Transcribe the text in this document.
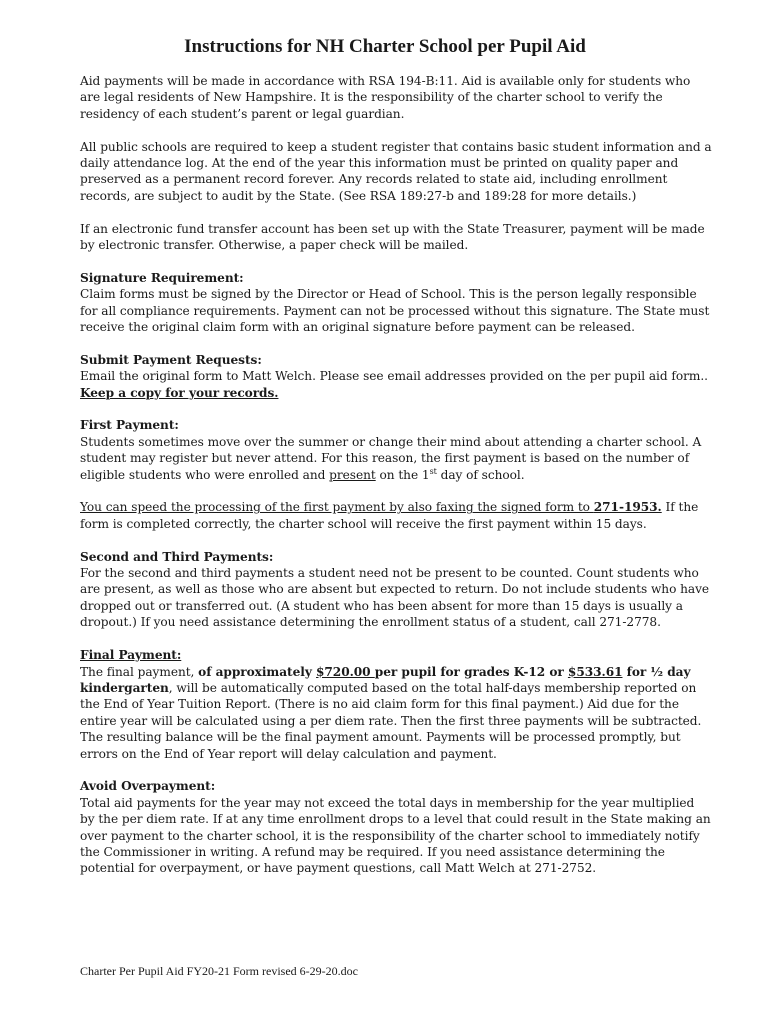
Instructions for NH Charter School per Pupil Aid

Aid payments will be made in accordance with RSA 194-B:11. Aid is available only for students who are legal residents of New Hampshire. It is the responsibility of the charter school to verify the residency of each student’s parent or legal guardian.

All public schools are required to keep a student register that contains basic student information and a daily attendance log. At the end of the year this information must be printed on quality paper and preserved as a permanent record forever. Any records related to state aid, including enrollment records, are subject to audit by the State. (See RSA 189:27-b and 189:28 for more details.)

If an electronic fund transfer account has been set up with the State Treasurer, payment will be made by electronic transfer. Otherwise, a paper check will be mailed.

Signature Requirement:
Claim forms must be signed by the Director or Head of School. This is the person legally responsible for all compliance requirements. Payment can not be processed without this signature. The State must receive the original claim form with an original signature before payment can be released.

Submit Payment Requests:
Email the original form to Matt Welch. Please see email addresses provided on the per pupil aid form.. Keep a copy for your records.

First Payment:
Students sometimes move over the summer or change their mind about attending a charter school. A student may register but never attend. For this reason, the first payment is based on the number of eligible students who were enrolled and present on the 1st day of school.

You can speed the processing of the first payment by also faxing the signed form to 271-1953. If the form is completed correctly, the charter school will receive the first payment within 15 days.

Second and Third Payments:
For the second and third payments a student need not be present to be counted. Count students who are present, as well as those who are absent but expected to return. Do not include students who have dropped out or transferred out. (A student who has been absent for more than 15 days is usually a dropout.) If you need assistance determining the enrollment status of a student, call 271-2778.

Final Payment:
The final payment, of approximately $720.00 per pupil for grades K-12 or $533.61 for ½ day kindergarten, will be automatically computed based on the total half-days membership reported on the End of Year Tuition Report. (There is no aid claim form for this final payment.) Aid due for the entire year will be calculated using a per diem rate. Then the first three payments will be subtracted. The resulting balance will be the final payment amount. Payments will be processed promptly, but errors on the End of Year report will delay calculation and payment.

Avoid Overpayment:
Total aid payments for the year may not exceed the total days in membership for the year multiplied by the per diem rate. If at any time enrollment drops to a level that could result in the State making an over payment to the charter school, it is the responsibility of the charter school to immediately notify the Commissioner in writing. A refund may be required. If you need assistance determining the potential for overpayment, or have payment questions, call Matt Welch at 271-2752.

Charter Per Pupil Aid FY20-21 Form revised 6-29-20.doc
